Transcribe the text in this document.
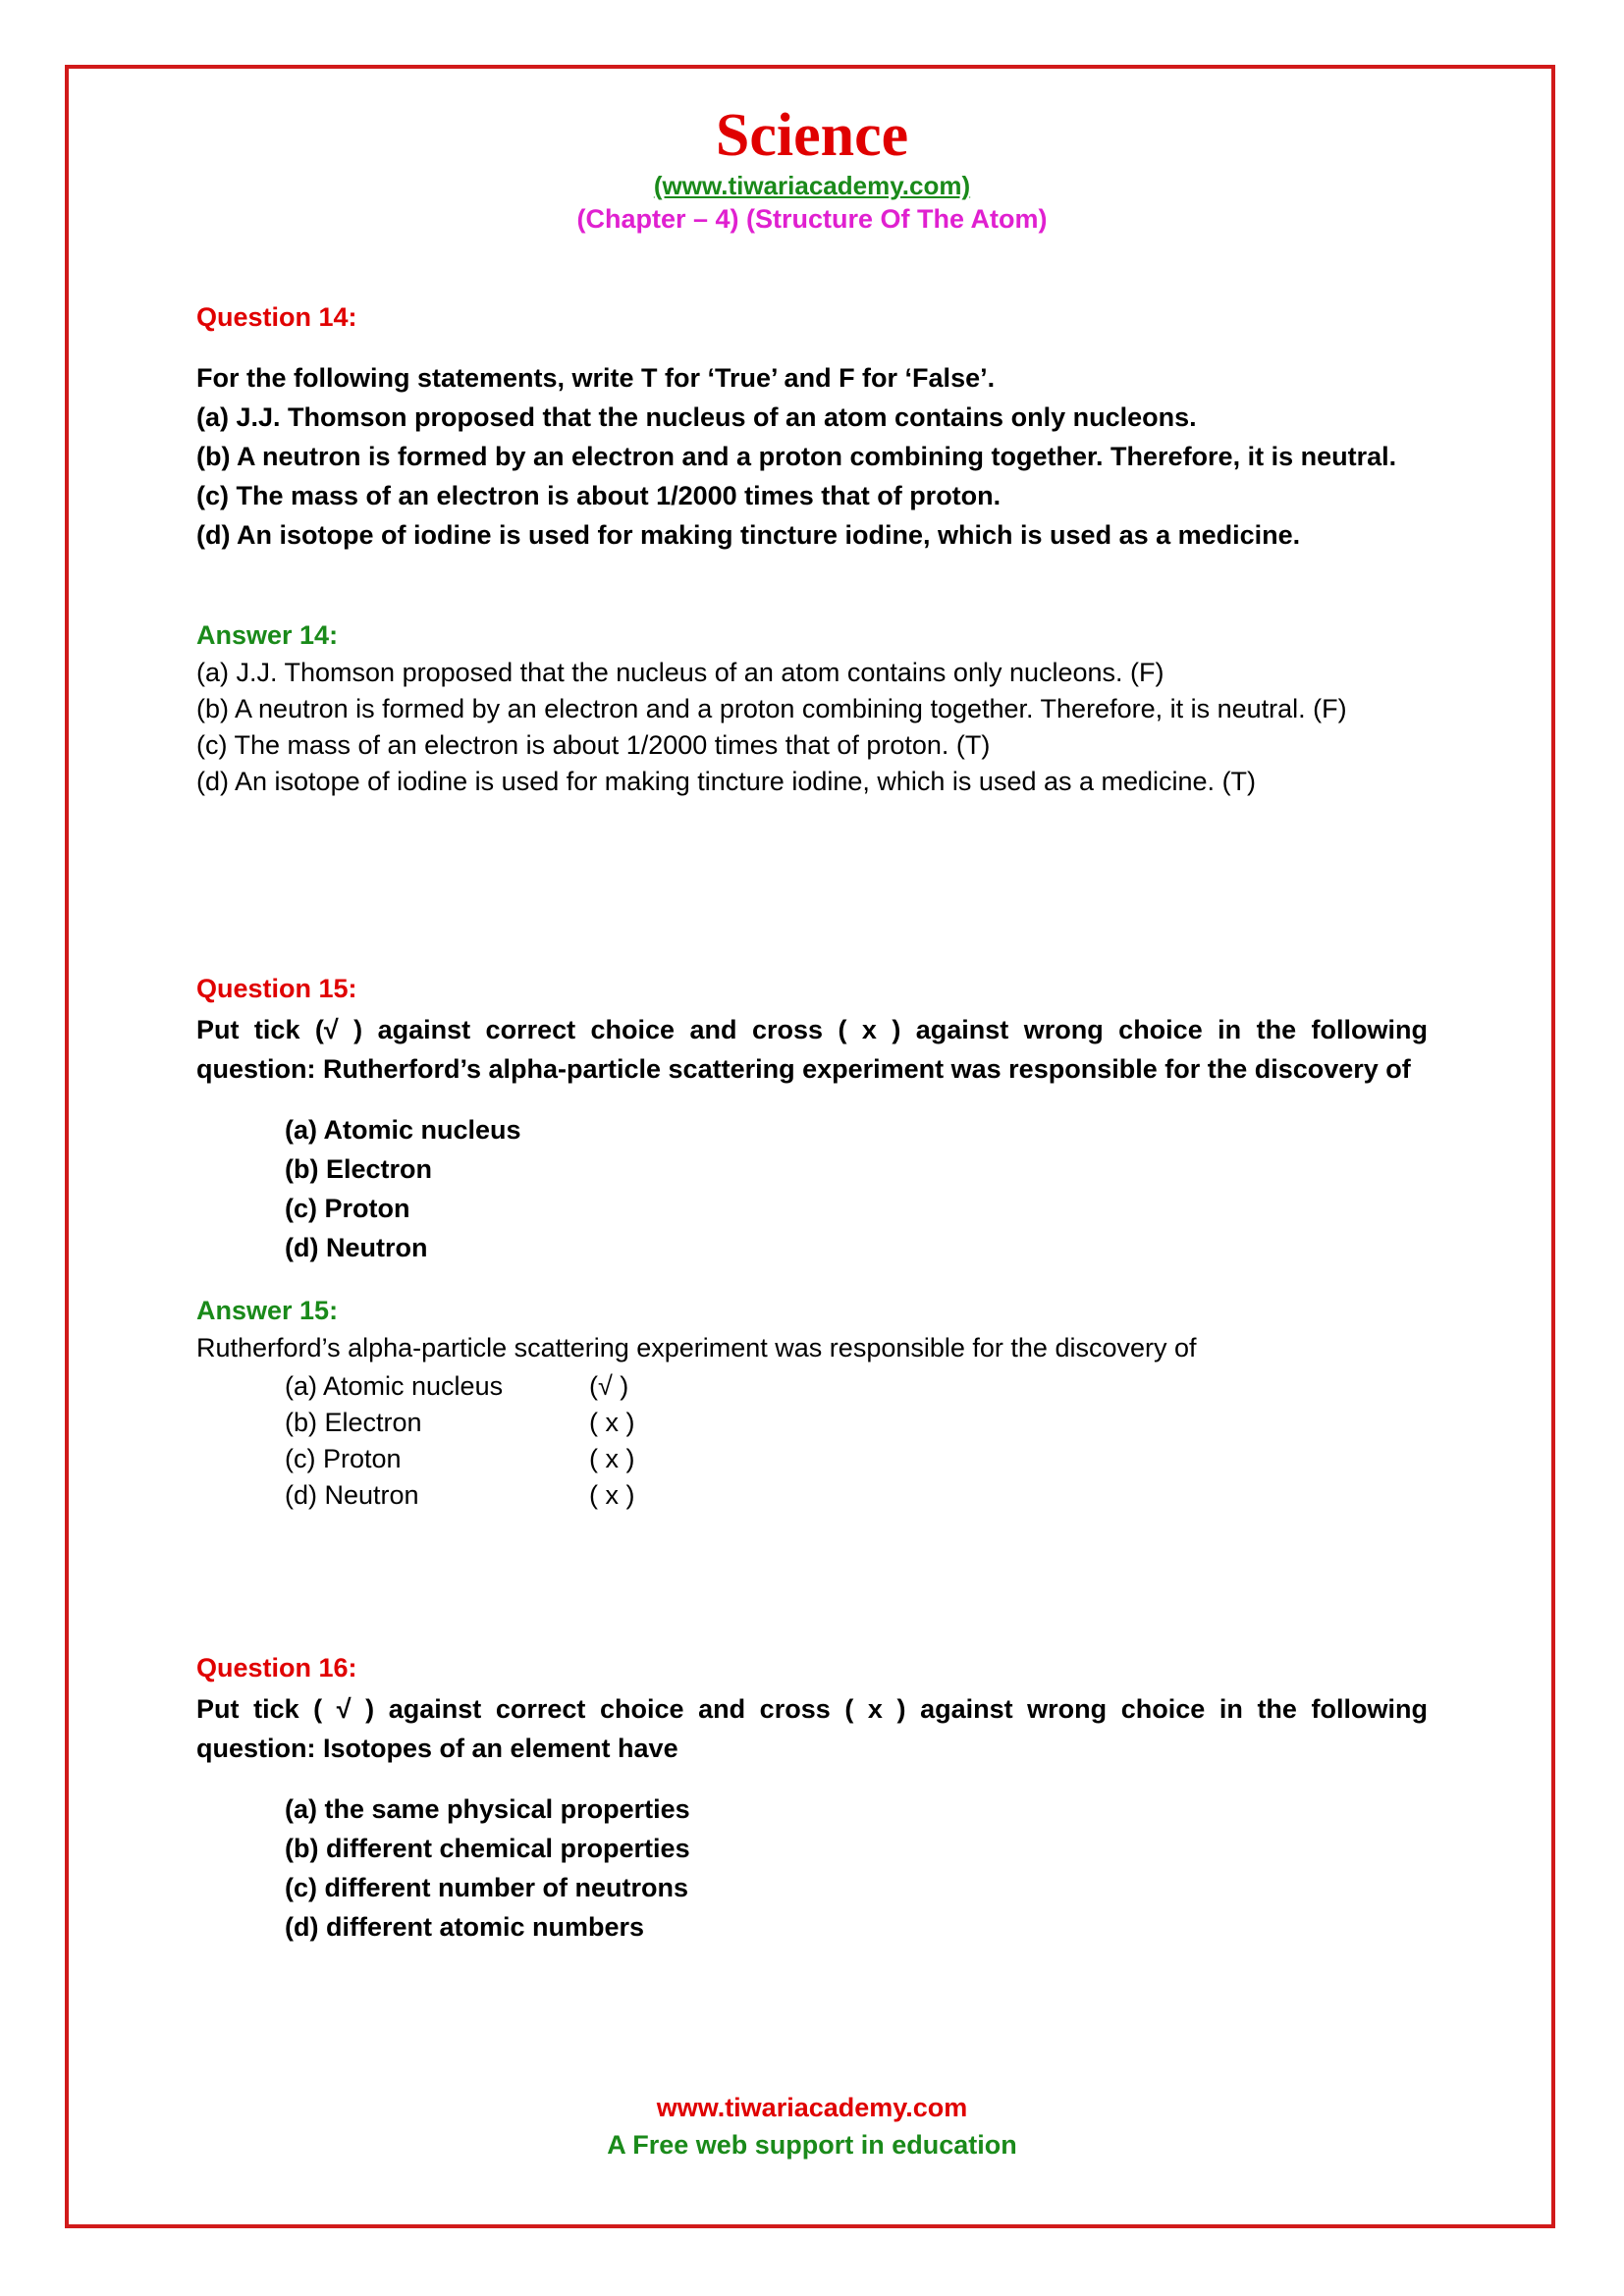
Science
(www.tiwariacademy.com)
(Chapter – 4) (Structure Of The Atom)
Question 14:
For the following statements, write T for ‘True’ and F for ‘False’.
(a) J.J. Thomson proposed that the nucleus of an atom contains only nucleons.
(b) A neutron is formed by an electron and a proton combining together. Therefore, it is neutral.
(c) The mass of an electron is about 1/2000 times that of proton.
(d) An isotope of iodine is used for making tincture iodine, which is used as a medicine.
Answer 14:
(a) J.J. Thomson proposed that the nucleus of an atom contains only nucleons. (F)
(b) A neutron is formed by an electron and a proton combining together. Therefore, it is neutral. (F)
(c) The mass of an electron is about 1/2000 times that of proton. (T)
(d) An isotope of iodine is used for making tincture iodine, which is used as a medicine. (T)
Question 15:
Put tick (√ ) against correct choice and cross ( x ) against wrong choice in the following
question: Rutherford’s alpha-particle scattering experiment was responsible for the discovery of
(a) Atomic nucleus
(b) Electron
(c) Proton
(d) Neutron
Answer 15:
Rutherford’s alpha-particle scattering experiment was responsible for the discovery of
(a) Atomic nucleus	(√ )
(b) Electron	( x )
(c) Proton	( x )
(d) Neutron	( x )
Question 16:
Put tick ( √ ) against correct choice and cross ( x ) against wrong choice in the following
question: Isotopes of an element have
(a) the same physical properties
(b) different chemical properties
(c) different number of neutrons
(d) different atomic numbers
www.tiwariacademy.com
A Free web support in education
